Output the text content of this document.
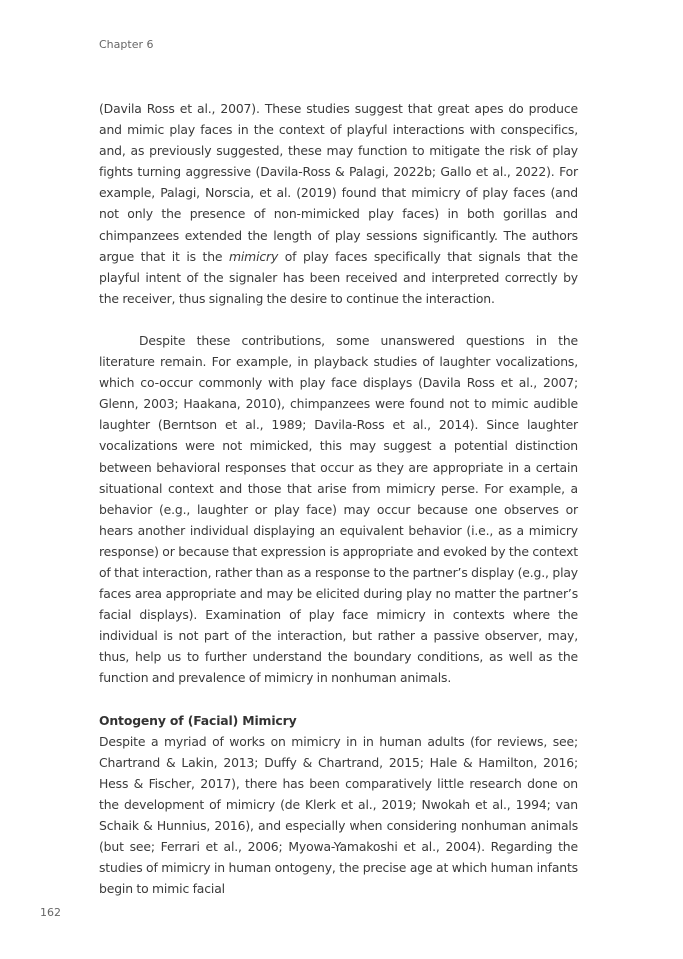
Chapter 6

(Davila Ross et al., 2007). These studies suggest that great apes do produce and mimic play faces in the context of playful interactions with conspecifics, and, as previously suggested, these may function to mitigate the risk of play fights turning aggressive (Davila-Ross & Palagi, 2022b; Gallo et al., 2022). For example, Palagi, Norscia, et al. (2019) found that mimicry of play faces (and not only the presence of non-mimicked play faces) in both gorillas and chimpanzees extended the length of play sessions significantly. The authors argue that it is the mimicry of play faces specifically that signals that the playful intent of the signaler has been received and interpreted correctly by the receiver, thus signaling the desire to continue the interaction.

Despite these contributions, some unanswered questions in the literature remain. For example, in playback studies of laughter vocalizations, which co-occur commonly with play face displays (Davila Ross et al., 2007; Glenn, 2003; Haakana, 2010), chimpanzees were found not to mimic audible laughter (Berntson et al., 1989; Davila-Ross et al., 2014). Since laughter vocalizations were not mimicked, this may suggest a potential distinction between behavioral responses that occur as they are appropriate in a certain situational context and those that arise from mimicry perse. For example, a behavior (e.g., laughter or play face) may occur because one observes or hears another individual displaying an equivalent behavior (i.e., as a mimicry response) or because that expression is appropriate and evoked by the context of that interaction, rather than as a response to the partner’s display (e.g., play faces area appropriate and may be elicited during play no matter the partner’s facial displays). Examination of play face mimicry in contexts where the individual is not part of the interaction, but rather a passive observer, may, thus, help us to further understand the boundary conditions, as well as the function and prevalence of mimicry in nonhuman animals.

Ontogeny of (Facial) Mimicry

Despite a myriad of works on mimicry in in human adults (for reviews, see; Chartrand & Lakin, 2013; Duffy & Chartrand, 2015; Hale & Hamilton, 2016; Hess & Fischer, 2017), there has been comparatively little research done on the development of mimicry (de Klerk et al., 2019; Nwokah et al., 1994; van Schaik & Hunnius, 2016), and especially when considering nonhuman animals (but see; Ferrari et al., 2006; Myowa-Yamakoshi et al., 2004). Regarding the studies of mimicry in human ontogeny, the precise age at which human infants begin to mimic facial

162
